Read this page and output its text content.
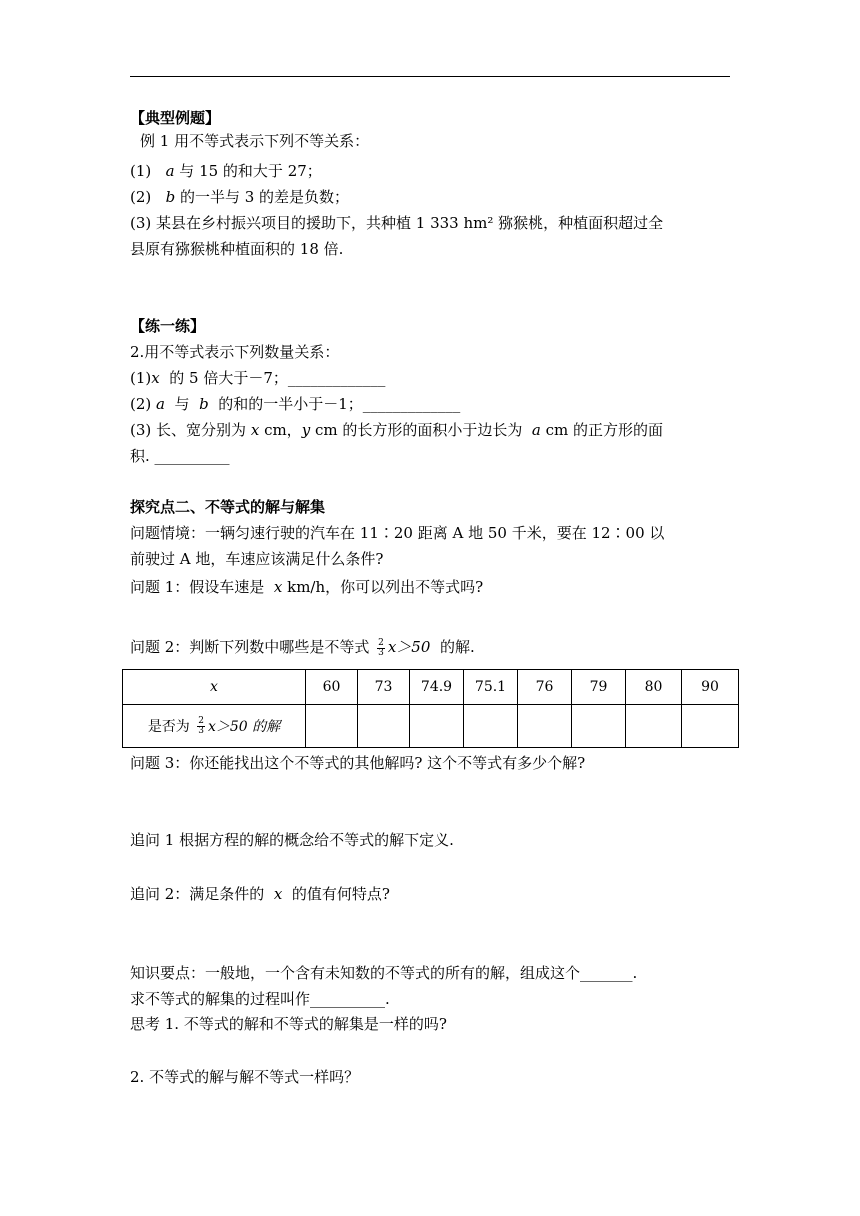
【典型例题】
例 1 用不等式表示下列不等关系：
(1) a 与 15 的和大于 27；
(2) b 的一半与 3 的差是负数；
(3) 某县在乡村振兴项目的援助下，共种植 1 333 hm² 猕猴桃，种植面积超过全
县原有猕猴桃种植面积的 18 倍.
【练一练】
2.用不等式表示下列数量关系：
(1)x 的 5 倍大于－7；_____________
(2) a 与 b 的和的一半小于－1；_____________
(3) 长、宽分别为 x cm，y cm 的长方形的面积小于边长为 a cm 的正方形的面
积. __________
探究点二、不等式的解与解集
问题情境：一辆匀速行驶的汽车在 11∶20 距离 A 地 50 千米，要在 12∶00 以
前驶过 A 地，车速应该满足什么条件?
问题 1：假设车速是 x km/h，你可以列出不等式吗?
问题 2：判断下列数中哪些是不等式 $\frac{2}{3} x>50$ 的解.
x	60	73	74.9	75.1	76	79	80	90
是否为 $\frac{2}{3} x>50$ 的解								
问题 3：你还能找出这个不等式的其他解吗? 这个不等式有多少个解?
追问 1 根据方程的解的概念给不等式的解下定义.
追问 2：满足条件的 x 的值有何特点?
知识要点：一般地，一个含有未知数的不等式的所有的解，组成这个_______.
求不等式的解集的过程叫作__________.
思考 1. 不等式的解和不等式的解集是一样的吗?
2. 不等式的解与解不等式一样吗？
